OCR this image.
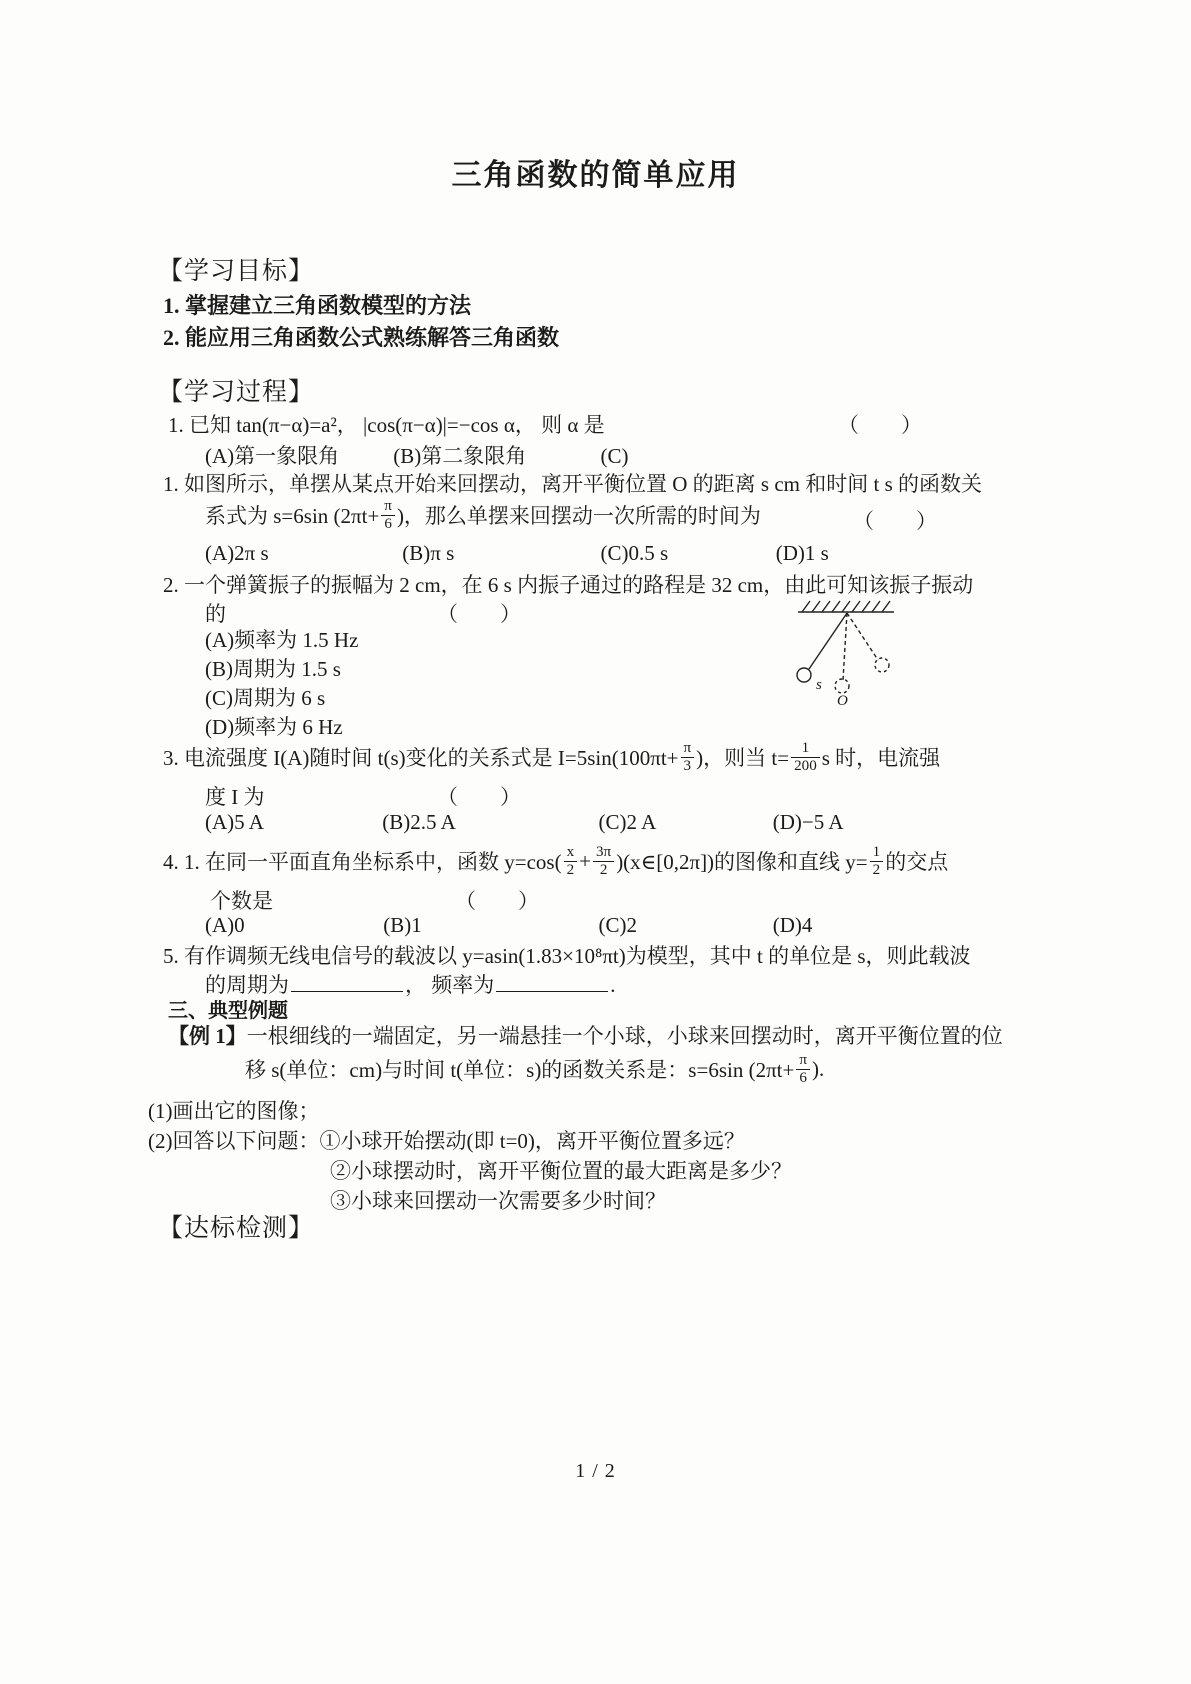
三角函数的简单应用
【学习目标】
1. 掌握建立三角函数模型的方法
2. 能应用三角函数公式熟练解答三角函数
【学习过程】
1. 已知 tan(π−α)=a²， |cos(π−α)|=−cos α， 则 α 是	（　　）
(A)第一象限角	(B)第二象限角	(C)
1. 如图所示，单摆从某点开始来回摆动，离开平衡位置 O 的距离 s cm 和时间 t s 的函数关
系式为 s=6sin ($2\pi t+ \frac{\pi}{6}$ )，那么单摆来回摆动一次所需的时间为	（　　）
(A)2π s	(B)π s	(C)0.5 s	(D)1 s
2. 一个弹簧振子的振幅为 2 cm，在 6 s 内振子通过的路程是 32 cm，由此可知该振子振动
的	（　　）
(A)频率为 1.5 Hz
(B)周期为 1.5 s
(C)周期为 6 s
(D)频率为 6 Hz
s
O
3. 电流强度 I(A)随时间 t(s)变化的关系式是 $I=5\sin(100\pi t+ \frac{\pi}{3}$ )，则当 $t= \frac{1}{200}$ s 时，电流强
度 I 为	（　　）
(A)5 A	(B)2.5 A	(C)2 A	(D)−5 A
4. 1. 在同一平面直角坐标系中，函数 $y=\cos( \frac{x}{2} + \frac{3\pi}{2}$ )(x∈[0,2π])的图像和直线 $y= \frac{1}{2}$ 的交点
个数是	（　　）
(A)0	(B)1	(C)2	(D)4
5. 有作调频无线电信号的载波以 y=asin(1.83×10⁸πt)为模型，其中 t 的单位是 s，则此载波
的周期为	， 频率为	.
三、典型例题
【例 1】一根细线的一端固定，另一端悬挂一个小球，小球来回摆动时，离开平衡位置的位
移 s(单位：cm)与时间 t(单位：s)的函数关系是：s=6sin ($2\pi t+ \frac{\pi}{6}$ ).
(1)画出它的图像；
(2)回答以下问题：①小球开始摆动(即 t=0)，离开平衡位置多远？
②小球摆动时，离开平衡位置的最大距离是多少？
③小球来回摆动一次需要多少时间？
【达标检测】
1 / 2
